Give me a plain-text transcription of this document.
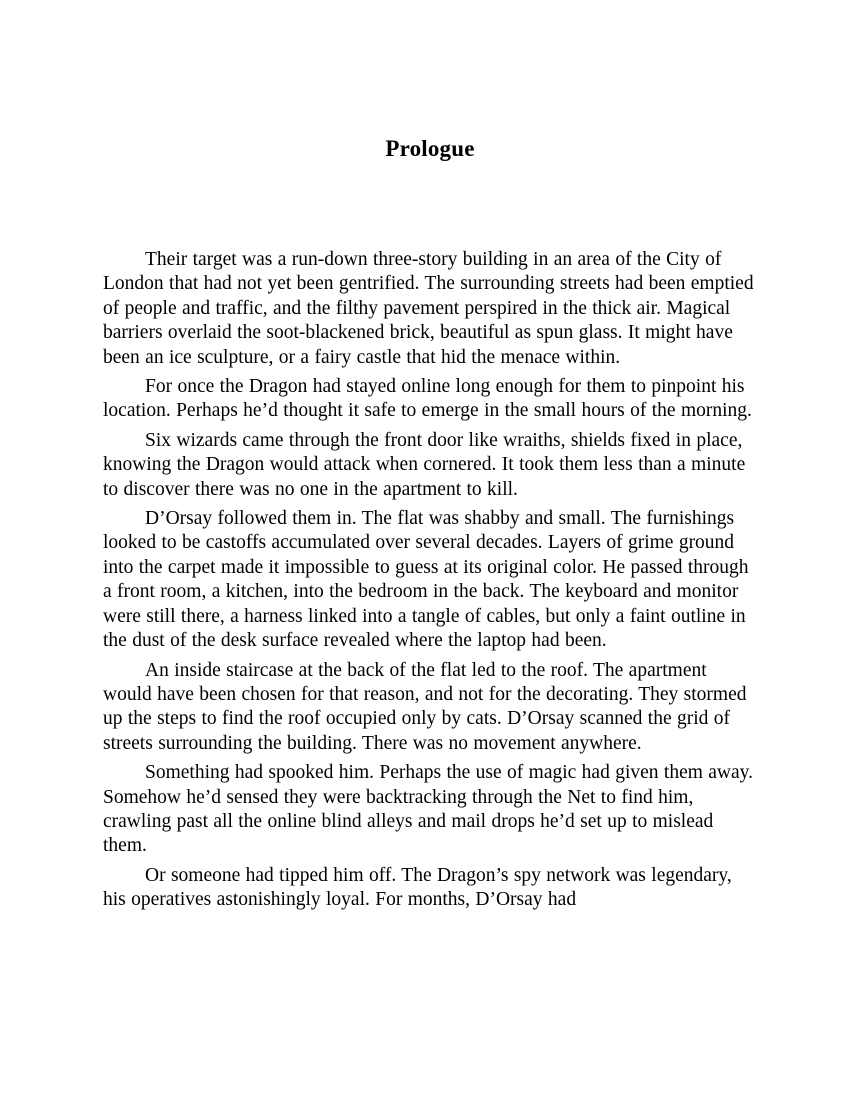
Prologue

Their target was a run-down three-story building in an area of the City of London that had not yet been gentrified. The surrounding streets had been emptied of people and traffic, and the filthy pavement perspired in the thick air. Magical barriers overlaid the soot-blackened brick, beautiful as spun glass. It might have been an ice sculpture, or a fairy castle that hid the menace within.

For once the Dragon had stayed online long enough for them to pinpoint his location. Perhaps he’d thought it safe to emerge in the small hours of the morning.

Six wizards came through the front door like wraiths, shields fixed in place, knowing the Dragon would attack when cornered. It took them less than a minute to discover there was no one in the apartment to kill.

D’Orsay followed them in. The flat was shabby and small. The furnishings looked to be castoffs accumulated over several decades. Layers of grime ground into the carpet made it impossible to guess at its original color. He passed through a front room, a kitchen, into the bedroom in the back. The keyboard and monitor were still there, a harness linked into a tangle of cables, but only a faint outline in the dust of the desk surface revealed where the laptop had been.

An inside staircase at the back of the flat led to the roof. The apartment would have been chosen for that reason, and not for the decorating. They stormed up the steps to find the roof occupied only by cats. D’Orsay scanned the grid of streets surrounding the building. There was no movement anywhere.

Something had spooked him. Perhaps the use of magic had given them away. Somehow he’d sensed they were backtracking through the Net to find him, crawling past all the online blind alleys and mail drops he’d set up to mislead them.

Or someone had tipped him off. The Dragon’s spy network was legendary, his operatives astonishingly loyal. For months, D’Orsay had
